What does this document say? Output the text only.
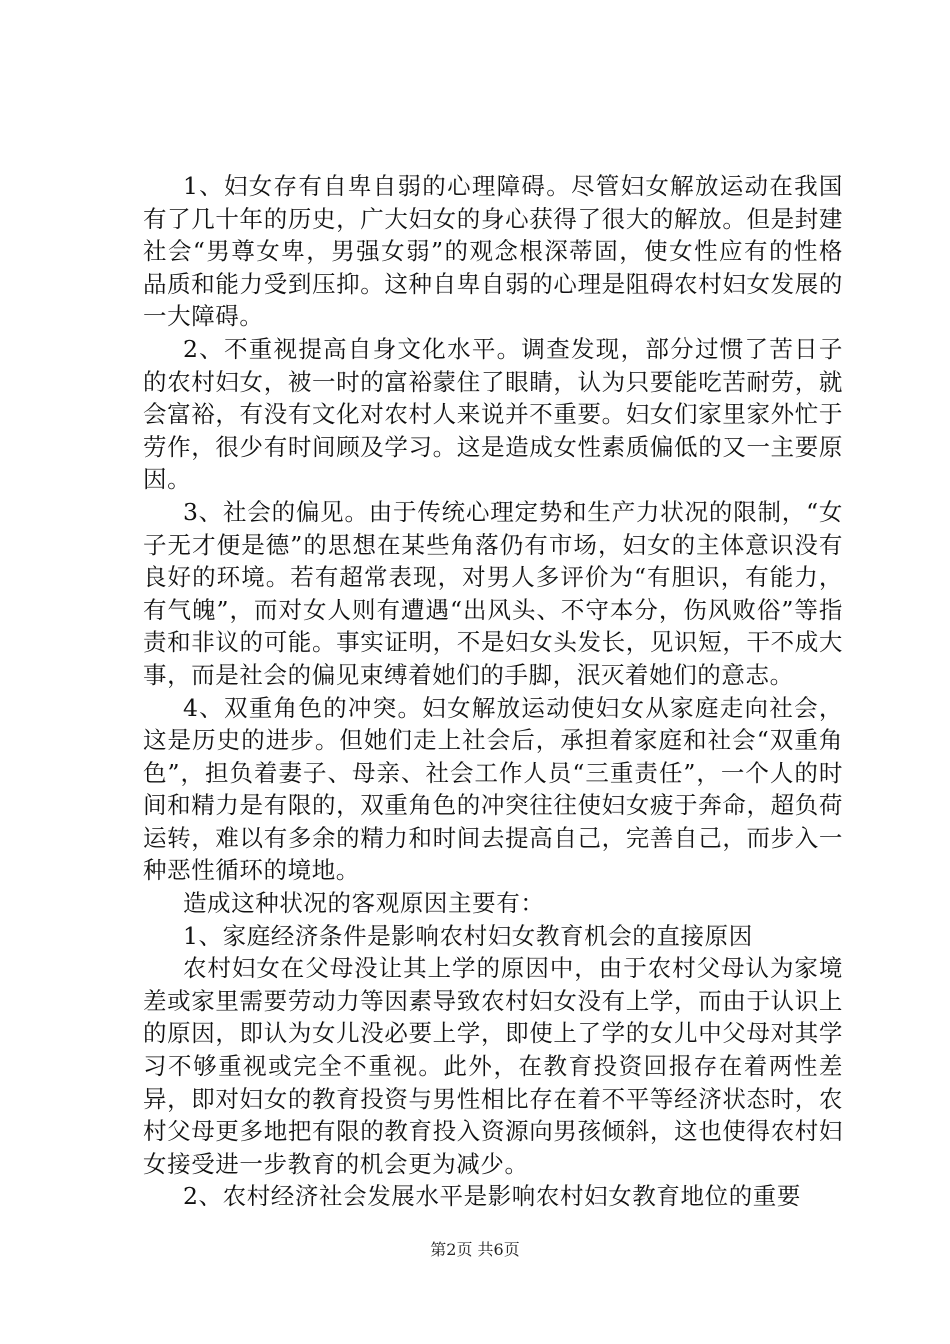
1、妇女存有自卑自弱的心理障碍。尽管妇女解放运动在我国有了几十年的历史，广大妇女的身心获得了很大的解放。但是封建社会“男尊女卑，男强女弱”的观念根深蒂固，使女性应有的性格品质和能力受到压抑。这种自卑自弱的心理是阻碍农村妇女发展的一大障碍。

2、不重视提高自身文化水平。调查发现，部分过惯了苦日子的农村妇女，被一时的富裕蒙住了眼睛，认为只要能吃苦耐劳，就会富裕，有没有文化对农村人来说并不重要。妇女们家里家外忙于劳作，很少有时间顾及学习。这是造成女性素质偏低的又一主要原因。

3、社会的偏见。由于传统心理定势和生产力状况的限制，“女子无才便是德”的思想在某些角落仍有市场，妇女的主体意识没有良好的环境。若有超常表现，对男人多评价为“有胆识，有能力，有气魄”，而对女人则有遭遇“出风头、不守本分，伤风败俗”等指责和非议的可能。事实证明，不是妇女头发长，见识短，干不成大事，而是社会的偏见束缚着她们的手脚，泯灭着她们的意志。

4、双重角色的冲突。妇女解放运动使妇女从家庭走向社会，这是历史的进步。但她们走上社会后，承担着家庭和社会“双重角色”，担负着妻子、母亲、社会工作人员“三重责任”，一个人的时间和精力是有限的，双重角色的冲突往往使妇女疲于奔命，超负荷运转，难以有多余的精力和时间去提高自己，完善自己，而步入一种恶性循环的境地。

造成这种状况的客观原因主要有：

1、家庭经济条件是影响农村妇女教育机会的直接原因

农村妇女在父母没让其上学的原因中，由于农村父母认为家境差或家里需要劳动力等因素导致农村妇女没有上学，而由于认识上的原因，即认为女儿没必要上学，即使上了学的女儿中父母对其学习不够重视或完全不重视。此外，在教育投资回报存在着两性差异，即对妇女的教育投资与男性相比存在着不平等经济状态时，农村父母更多地把有限的教育投入资源向男孩倾斜，这也使得农村妇女接受进一步教育的机会更为减少。

2、农村经济社会发展水平是影响农村妇女教育地位的重要

第2页 共6页
